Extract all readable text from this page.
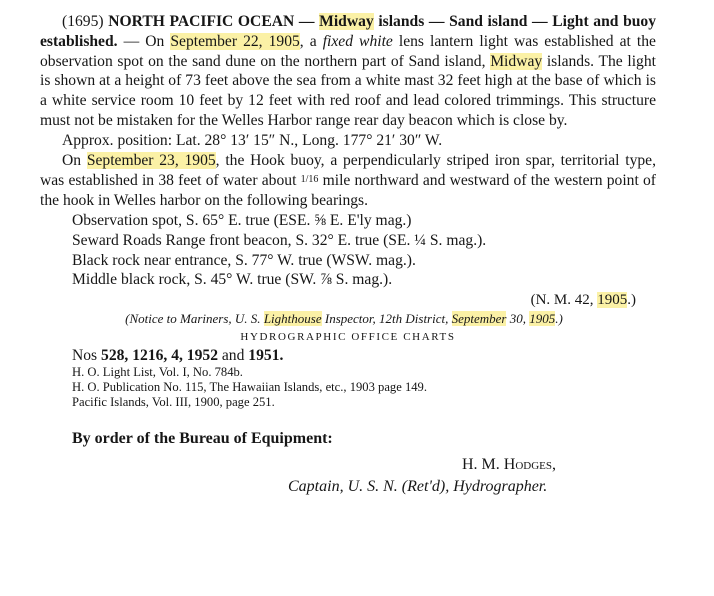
(1695) NORTH PACIFIC OCEAN — Midway islands — Sand island — Light and buoy established. — On September 22, 1905, a fixed white lens lantern light was established at the observation spot on the sand dune on the northern part of Sand island, Midway islands. The light is shown at a height of 73 feet above the sea from a white mast 32 feet high at the base of which is a white service room 10 feet by 12 feet with red roof and lead colored trimmings. This structure must not be mistaken for the Welles Harbor range rear day beacon which is close by.

Approx. position: Lat. 28° 13′ 15″ N., Long. 177° 21′ 30″ W.

On September 23, 1905, the Hook buoy, a perpendicularly striped iron spar, territorial type, was established in 38 feet of water about 1/16 mile northward and westward of the western point of the hook in Welles harbor on the following bearings.

Observation spot, S. 65° E. true (ESE. ⅝ E. E'ly mag.)
Seward Roads Range front beacon, S. 32° E. true (SE. ¼ S. mag.).
Black rock near entrance, S. 77° W. true (WSW. mag.).
Middle black rock, S. 45° W. true (SW. ⅞ S. mag.).
(N. M. 42, 1905.)
(Notice to Mariners, U. S. Lighthouse Inspector, 12th District, September 30, 1905.)
HYDROGRAPHIC OFFICE CHARTS
Nos 528, 1216, 4, 1952 and 1951.
H. O. Light List, Vol. I, No. 784b.
H. O. Publication No. 115, The Hawaiian Islands, etc., 1903 page 149.
Pacific Islands, Vol. III, 1900, page 251.
By order of the Bureau of Equipment:
H. M. Hodges,
Captain, U. S. N. (Ret'd), Hydrographer.
